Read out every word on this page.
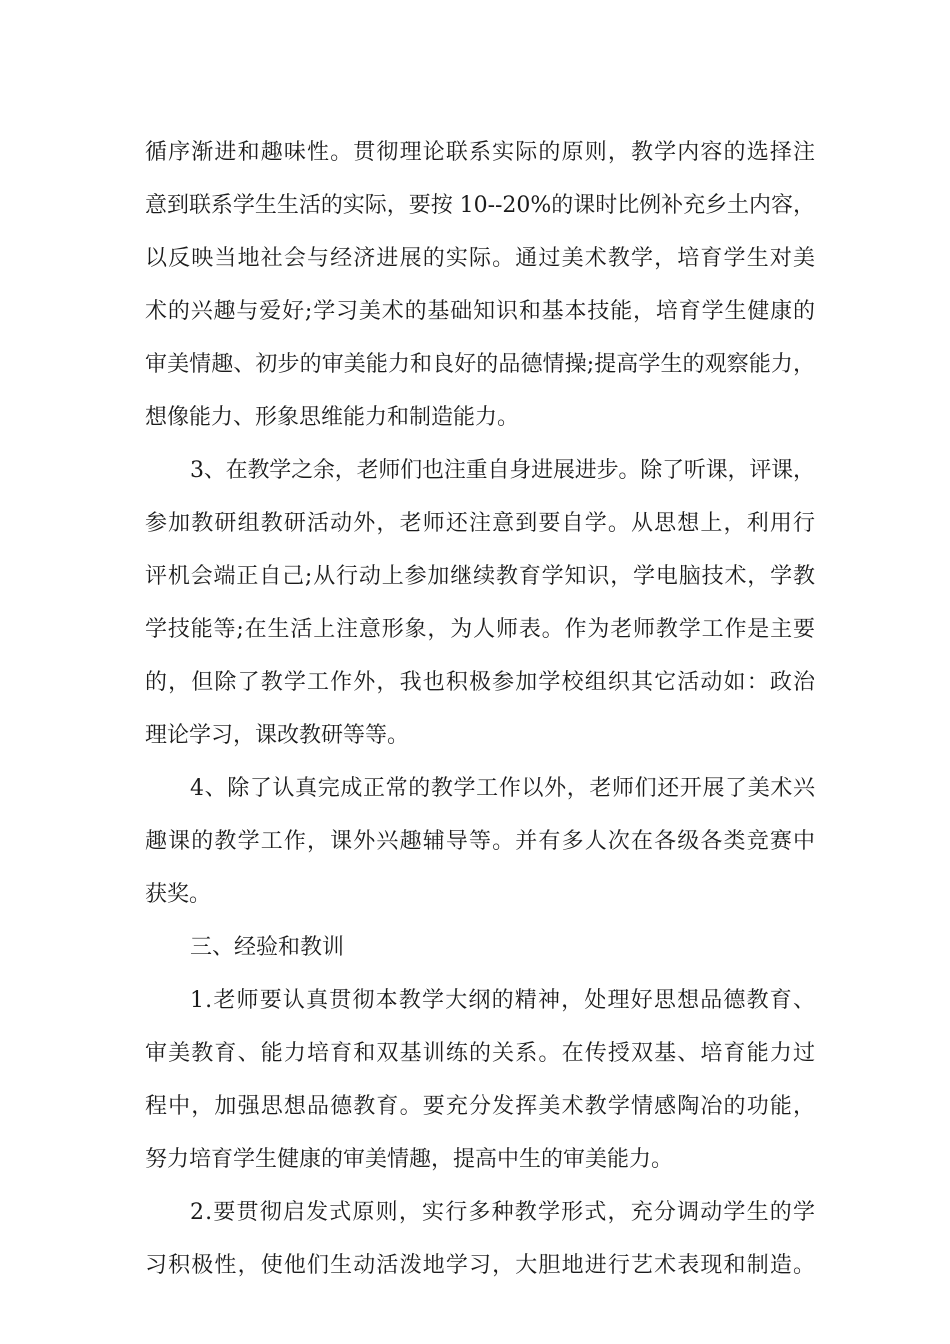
循序渐进和趣味性。贯彻理论联系实际的原则，教学内容的选择注
意到联系学生生活的实际，要按 10--20%的课时比例补充乡土内容，
以反映当地社会与经济进展的实际。通过美术教学，培育学生对美
术的兴趣与爱好;学习美术的基础知识和基本技能，培育学生健康的
审美情趣、初步的审美能力和良好的品德情操;提高学生的观察能力，
想像能力、形象思维能力和制造能力。
3、在教学之余，老师们也注重自身进展进步。除了听课，评课，
参加教研组教研活动外，老师还注意到要自学。从思想上，利用行
评机会端正自己;从行动上参加继续教育学知识，学电脑技术，学教
学技能等;在生活上注意形象，为人师表。作为老师教学工作是主要
的，但除了教学工作外，我也积极参加学校组织其它活动如：政治
理论学习，课改教研等等。
4、除了认真完成正常的教学工作以外，老师们还开展了美术兴
趣课的教学工作，课外兴趣辅导等。并有多人次在各级各类竞赛中
获奖。
三、经验和教训
1.老师要认真贯彻本教学大纲的精神，处理好思想品德教育、
审美教育、能力培育和双基训练的关系。在传授双基、培育能力过
程中，加强思想品德教育。要充分发挥美术教学情感陶冶的功能，
努力培育学生健康的审美情趣，提高中生的审美能力。
2.要贯彻启发式原则，实行多种教学形式，充分调动学生的学
习积极性，使他们生动活泼地学习，大胆地进行艺术表现和制造。
